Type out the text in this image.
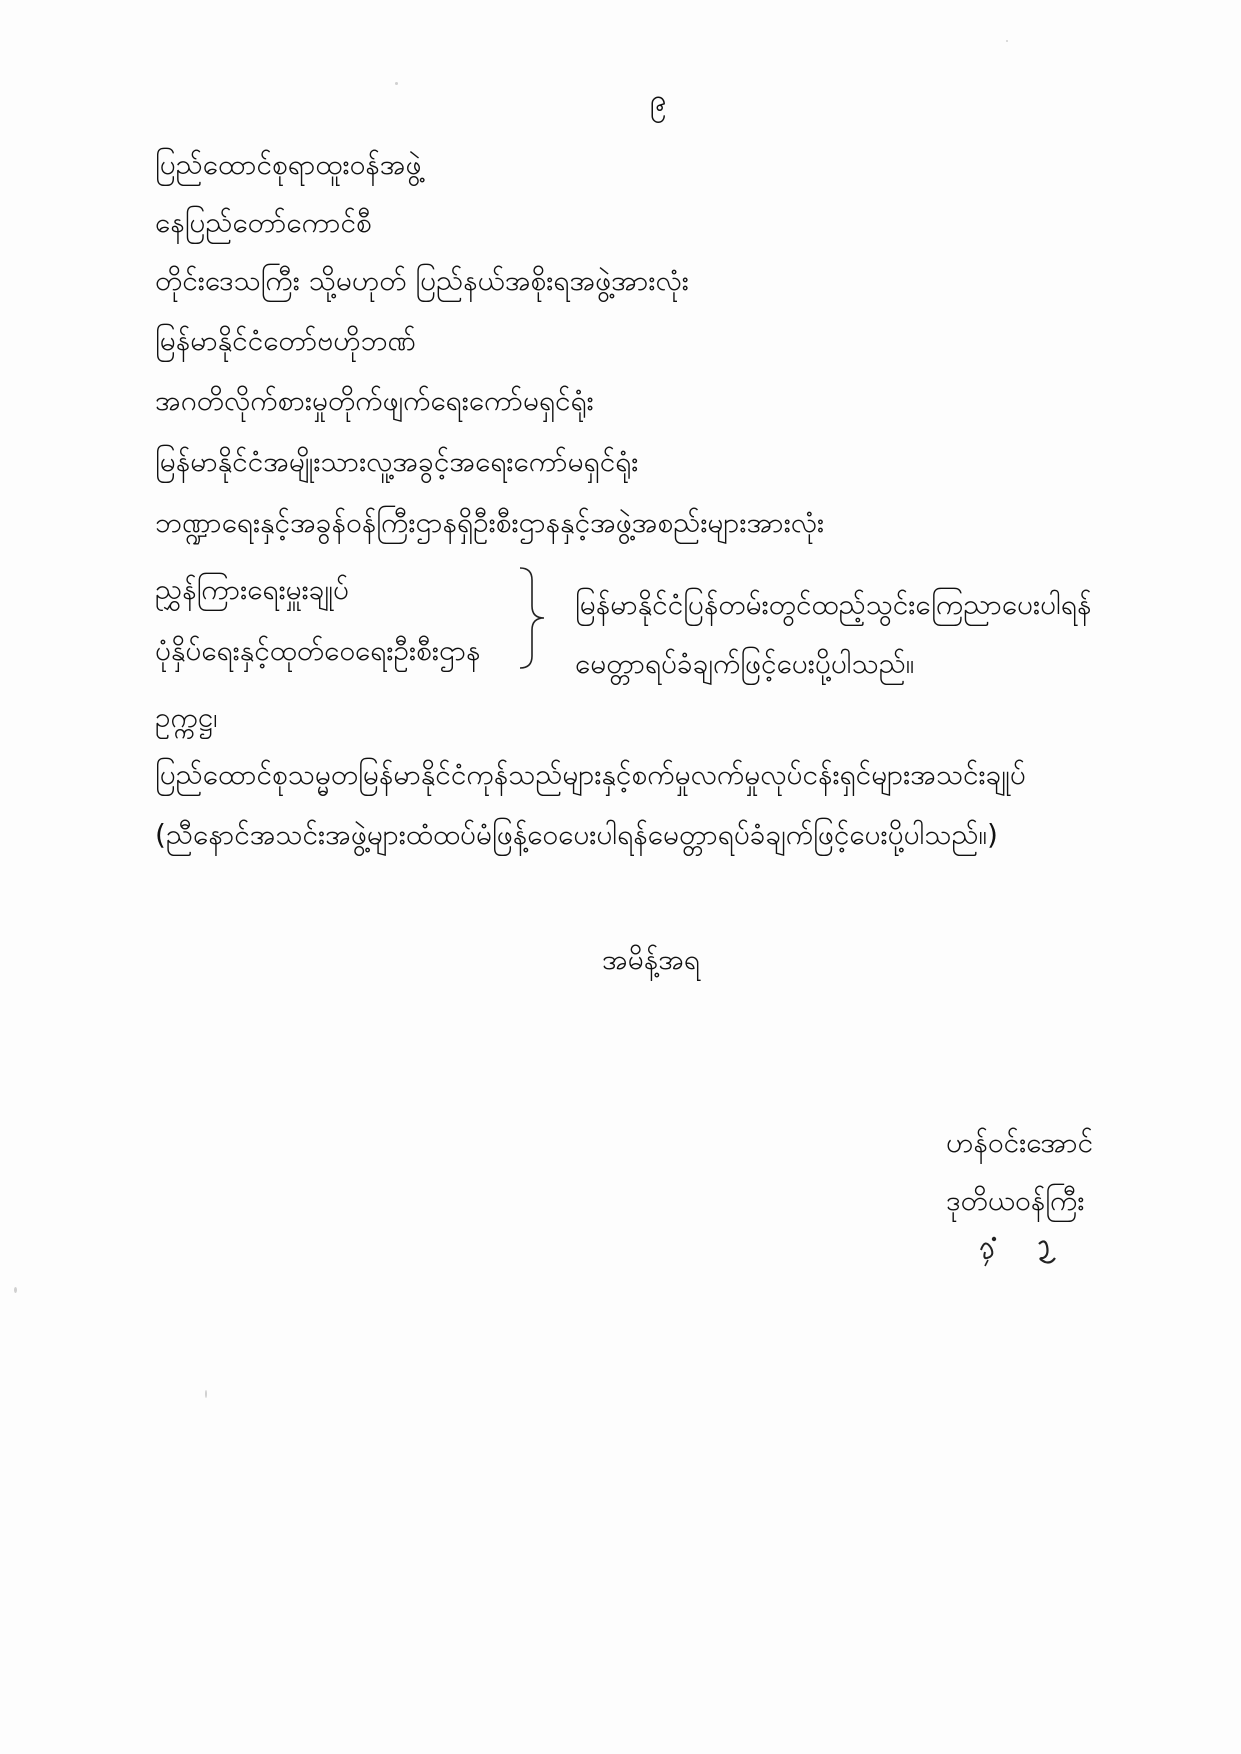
၉
ပြည်ထောင်စုရာထူးဝန်အဖွဲ့
နေပြည်တော်ကောင်စီ
တိုင်းဒေသကြီး သို့မဟုတ် ပြည်နယ်အစိုးရအဖွဲ့အားလုံး
မြန်မာနိုင်ငံတော်ဗဟိုဘဏ်
အဂတိလိုက်စားမှုတိုက်ဖျက်ရေးကော်မရှင်ရုံး
မြန်မာနိုင်ငံအမျိုးသားလူ့အခွင့်အရေးကော်မရှင်ရုံး
ဘဏ္ဍာရေးနှင့်အခွန်ဝန်ကြီးဌာနရှိဦးစီးဌာနနှင့်အဖွဲ့အစည်းများအားလုံး
ညွှန်ကြားရေးမှူးချုပ်
ပုံနှိပ်ရေးနှင့်ထုတ်ဝေရေးဦးစီးဌာန
မြန်မာနိုင်ငံပြန်တမ်းတွင်ထည့်သွင်းကြေညာပေးပါရန်
မေတ္တာရပ်ခံချက်ဖြင့်ပေးပို့ပါသည်။
ဥက္ကဋ္ဌ၊
ပြည်ထောင်စုသမ္မတမြန်မာနိုင်ငံကုန်သည်များနှင့်စက်မှုလက်မှုလုပ်ငန်းရှင်များအသင်းချုပ်
(ညီနောင်အသင်းအဖွဲ့များထံထပ်မံဖြန့်ဝေပေးပါရန်မေတ္တာရပ်ခံချက်ဖြင့်ပေးပို့ပါသည်။)
အမိန့်အရ
ဟန်ဝင်းအောင်
ဒုတိယဝန်ကြီး
